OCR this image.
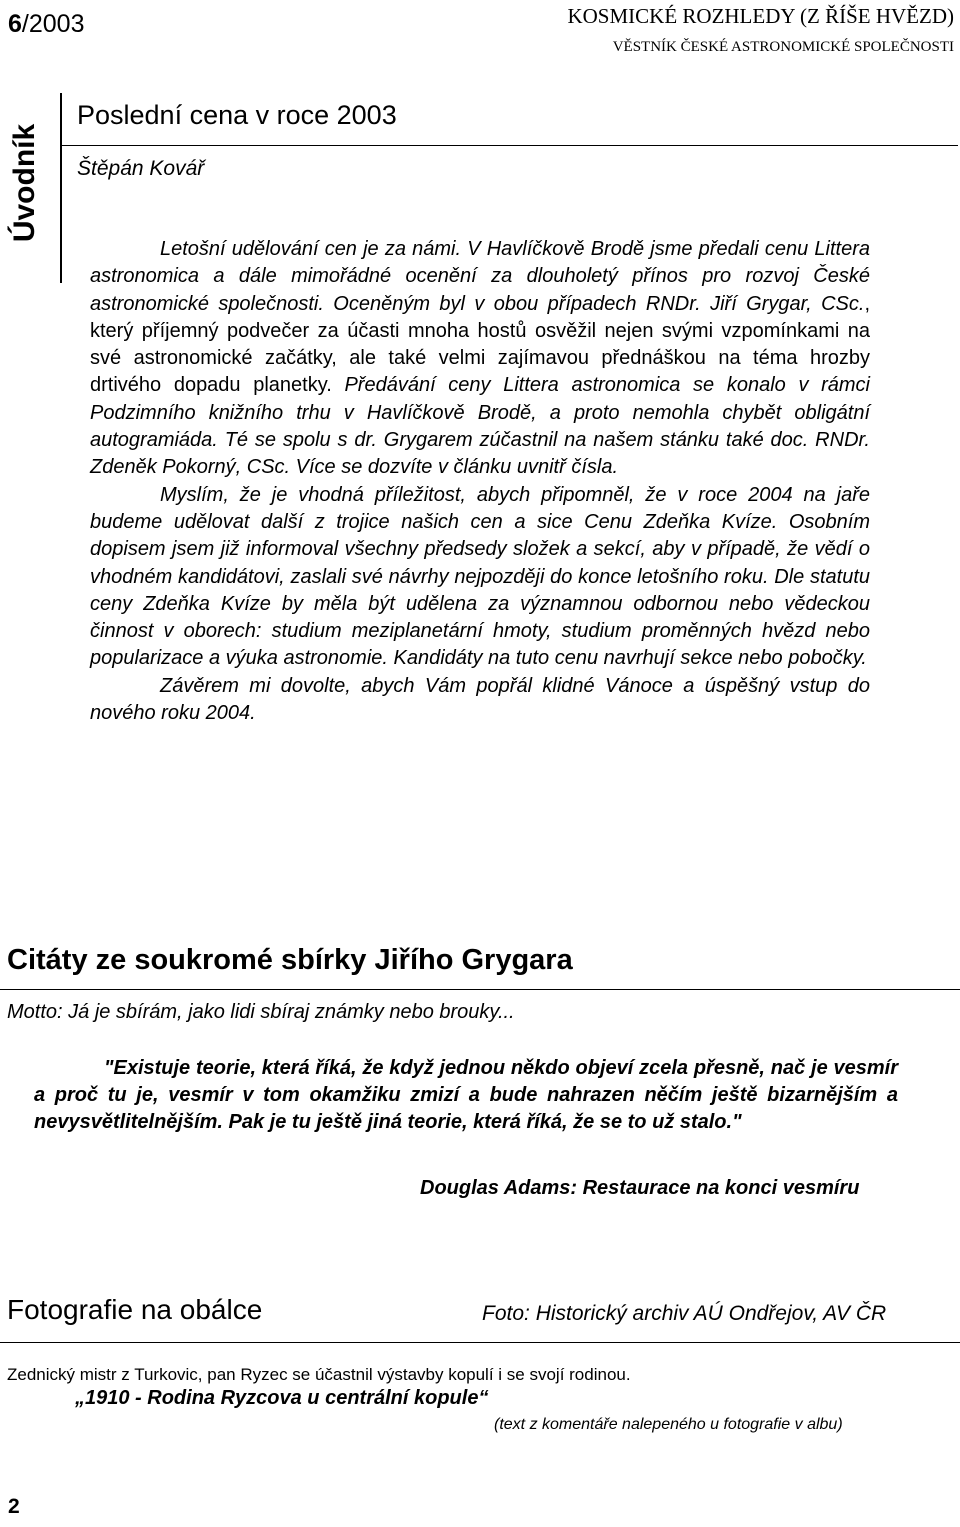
6/2003	KOSMICKÉ ROZHLEDY (Z ŘÍŠE HVĚZD)
VĚSTNÍK ČESKÉ ASTRONOMICKÉ SPOLEČNOSTI
Úvodník
Poslední cena v roce 2003
Štěpán Kovář

Letošní udělování cen je za námi. V Havlíčkově Brodě jsme předali cenu Littera astronomica a dále mimořádné ocenění za dlouholetý přínos pro rozvoj České astronomické společnosti. Oceněným byl v obou případech RNDr. Jiří Grygar, CSc., který příjemný podvečer za účasti mnoha hostů osvěžil nejen svými vzpomínkami na své astronomické začátky, ale také velmi zajímavou přednáškou na téma hrozby drtivého dopadu planetky. Předávání ceny Littera astronomica se konalo v rámci Podzimního knižního trhu v Havlíčkově Brodě, a proto nemohla chybět obligátní autogramiáda. Té se spolu s dr. Grygarem zúčastnil na našem stánku také doc. RNDr. Zdeněk Pokorný, CSc. Více se dozvíte v článku uvnitř čísla.

Myslím, že je vhodná příležitost, abych připomněl, že v roce 2004 na jaře budeme udělovat další z trojice našich cen a sice Cenu Zdeňka Kvíze. Osobním dopisem jsem již informoval všechny předsedy složek a sekcí, aby v případě, že vědí o vhodném kandidátovi, zaslali své návrhy nejpozději do konce letošního roku. Dle statutu ceny Zdeňka Kvíze by měla být udělena za významnou odbornou nebo vědeckou činnost v oborech: studium meziplanetární hmoty, studium proměnných hvězd nebo popularizace a výuka astronomie. Kandidáty na tuto cenu navrhují sekce nebo pobočky.

Závěrem mi dovolte, abych Vám popřál klidné Vánoce a úspěšný vstup do nového roku 2004.

Citáty ze soukromé sbírky Jiřího Grygara
Motto: Já je sbírám, jako lidi sbíraj známky nebo brouky...

"Existuje teorie, která říká, že když jednou někdo objeví zcela přesně, nač je vesmír a proč tu je, vesmír v tom okamžiku zmizí a bude nahrazen něčím ještě bizarnějším a nevysvětlitelnějším. Pak je tu ještě jiná teorie, která říká, že se to už stalo."

Douglas Adams: Restaurace na konci vesmíru
Fotografie na obálce	Foto: Historický archiv AÚ Ondřejov, AV ČR
Zednický mistr z Turkovic, pan Ryzec se účastnil výstavby kopulí i se svojí rodinou.
„1910 - Rodina Ryzcova u centrální kopule“
(text z komentáře nalepeného u fotografie v albu)
2
